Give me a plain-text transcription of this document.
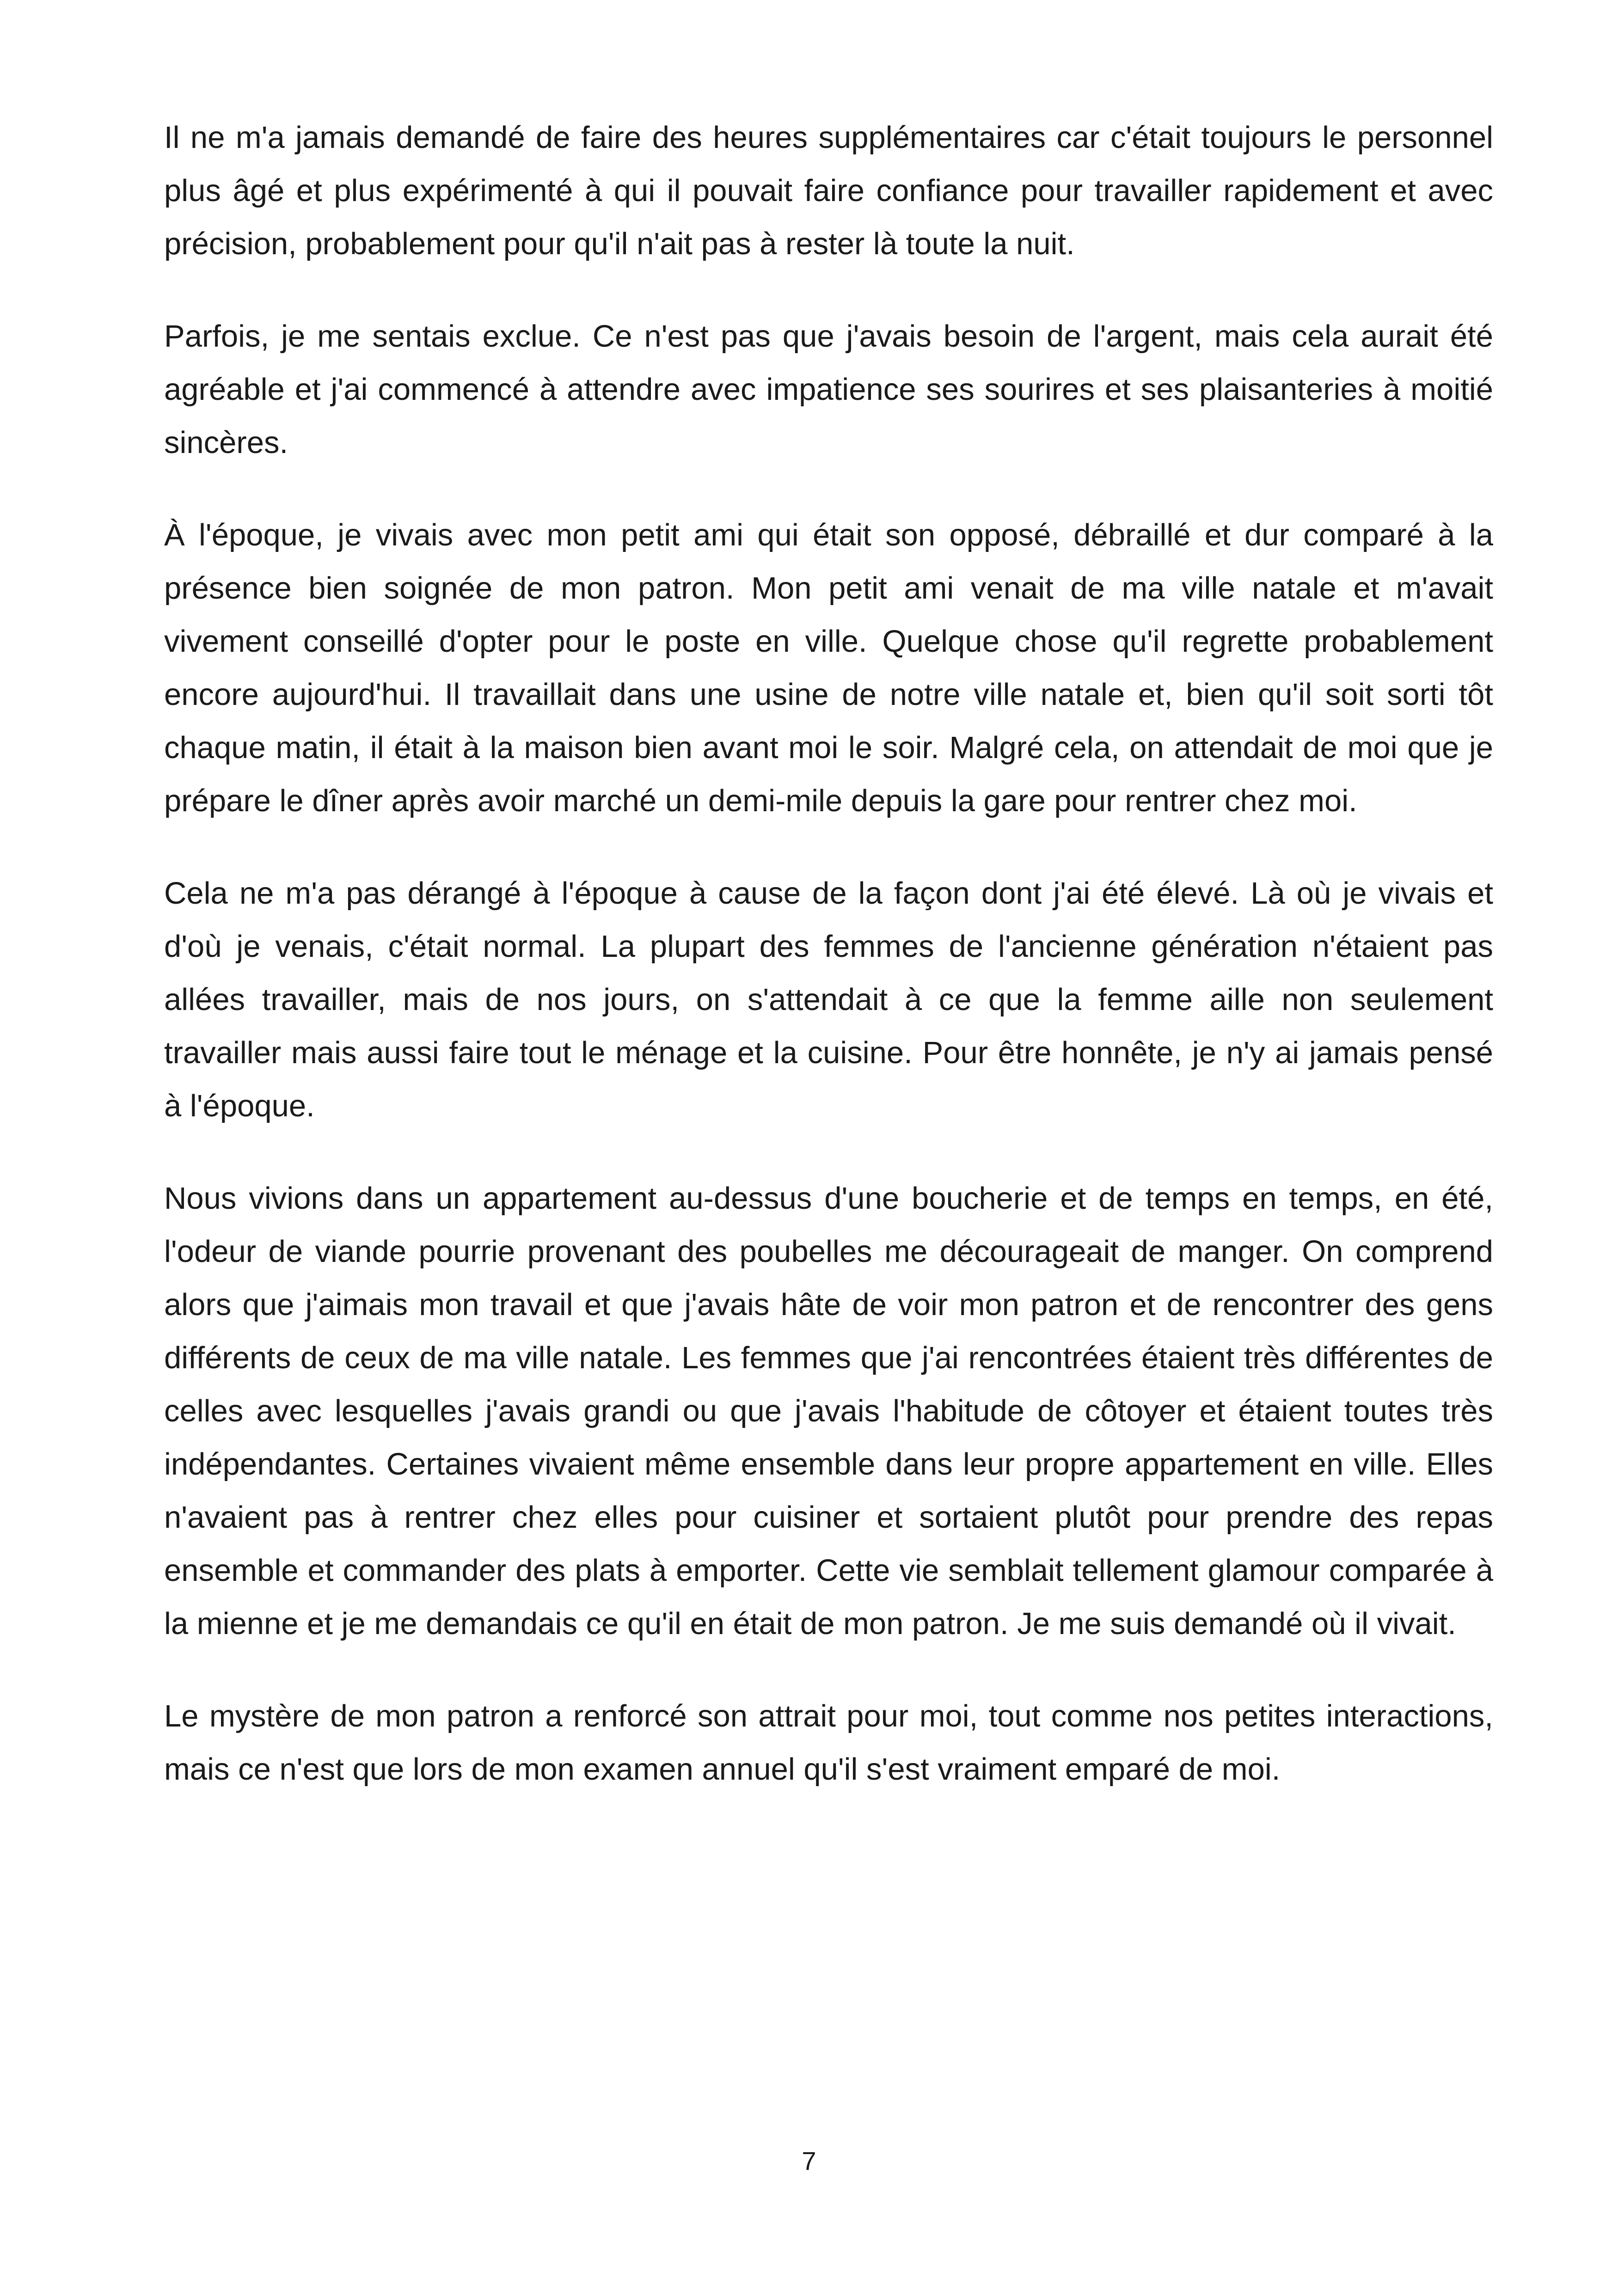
Il ne m'a jamais demandé de faire des heures supplémentaires car c'était toujours le personnel plus âgé et plus expérimenté à qui il pouvait faire confiance pour travailler rapidement et avec précision, probablement pour qu'il n'ait pas à rester là toute la nuit.

Parfois, je me sentais exclue. Ce n'est pas que j'avais besoin de l'argent, mais cela aurait été agréable et j'ai commencé à attendre avec impatience ses sourires et ses plaisanteries à moitié sincères.

À l'époque, je vivais avec mon petit ami qui était son opposé, débraillé et dur comparé à la présence bien soignée de mon patron. Mon petit ami venait de ma ville natale et m'avait vivement conseillé d'opter pour le poste en ville. Quelque chose qu'il regrette probablement encore aujourd'hui. Il travaillait dans une usine de notre ville natale et, bien qu'il soit sorti tôt chaque matin, il était à la maison bien avant moi le soir. Malgré cela, on attendait de moi que je prépare le dîner après avoir marché un demi-mile depuis la gare pour rentrer chez moi.

Cela ne m'a pas dérangé à l'époque à cause de la façon dont j'ai été élevé. Là où je vivais et d'où je venais, c'était normal. La plupart des femmes de l'ancienne génération n'étaient pas allées travailler, mais de nos jours, on s'attendait à ce que la femme aille non seulement travailler mais aussi faire tout le ménage et la cuisine. Pour être honnête, je n'y ai jamais pensé à l'époque.

Nous vivions dans un appartement au-dessus d'une boucherie et de temps en temps, en été, l'odeur de viande pourrie provenant des poubelles me décourageait de manger. On comprend alors que j'aimais mon travail et que j'avais hâte de voir mon patron et de rencontrer des gens différents de ceux de ma ville natale. Les femmes que j'ai rencontrées étaient très différentes de celles avec lesquelles j'avais grandi ou que j'avais l'habitude de côtoyer et étaient toutes très indépendantes. Certaines vivaient même ensemble dans leur propre appartement en ville. Elles n'avaient pas à rentrer chez elles pour cuisiner et sortaient plutôt pour prendre des repas ensemble et commander des plats à emporter. Cette vie semblait tellement glamour comparée à la mienne et je me demandais ce qu'il en était de mon patron. Je me suis demandé où il vivait.

Le mystère de mon patron a renforcé son attrait pour moi, tout comme nos petites interactions, mais ce n'est que lors de mon examen annuel qu'il s'est vraiment emparé de moi.

7
